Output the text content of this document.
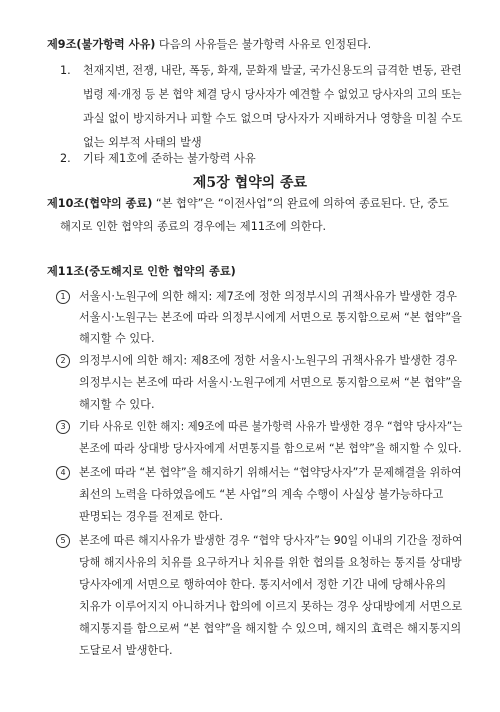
제9조(불가항력 사유) 다음의 사유들은 불가항력 사유로 인정된다.
1. 천재지변, 전쟁, 내란, 폭동, 화재, 문화재 발굴, 국가신용도의 급격한 변동, 관련
법령 제·개정 등 본 협약 체결 당시 당사자가 예견할 수 없었고 당사자의 고의 또는
과실 없이 방지하거나 피할 수도 없으며 당사자가 지배하거나 영향을 미칠 수도
없는 외부적 사태의 발생
2. 기타 제1호에 준하는 불가항력 사유
제5장 협약의 종료
제10조(협약의 종료) “본 협약”은 “이전사업”의 완료에 의하여 종료된다. 단, 중도
해지로 인한 협약의 종료의 경우에는 제11조에 의한다.
제11조(중도해지로 인한 협약의 종료)
1	서울시·노원구에 의한 해지: 제7조에 정한 의정부시의 귀책사유가 발생한 경우
서울시·노원구는 본조에 따라 의정부시에게 서면으로 통지함으로써 “본 협약”을
해지할 수 있다.
2	의정부시에 의한 해지: 제8조에 정한 서울시·노원구의 귀책사유가 발생한 경우
의정부시는 본조에 따라 서울시·노원구에게 서면으로 통지함으로써 “본 협약”을
해지할 수 있다.
3	기타 사유로 인한 해지: 제9조에 따른 불가항력 사유가 발생한 경우 “협약 당사자”는
본조에 따라 상대방 당사자에게 서면통지를 함으로써 “본 협약”을 해지할 수 있다.
4	본조에 따라 “본 협약”을 해지하기 위해서는 “협약당사자”가 문제해결을 위하여
최선의 노력을 다하였음에도 “본 사업”의 계속 수행이 사실상 불가능하다고
판명되는 경우를 전제로 한다.
5	본조에 따른 해지사유가 발생한 경우 “협약 당사자”는 90일 이내의 기간을 정하여
당해 해지사유의 치유를 요구하거나 치유를 위한 협의를 요청하는 통지를 상대방
당사자에게 서면으로 행하여야 한다. 통지서에서 정한 기간 내에 당해사유의
치유가 이루어지지 아니하거나 합의에 이르지 못하는 경우 상대방에게 서면으로
해지통지를 함으로써 “본 협약”을 해지할 수 있으며, 해지의 효력은 해지통지의
도달로서 발생한다.
